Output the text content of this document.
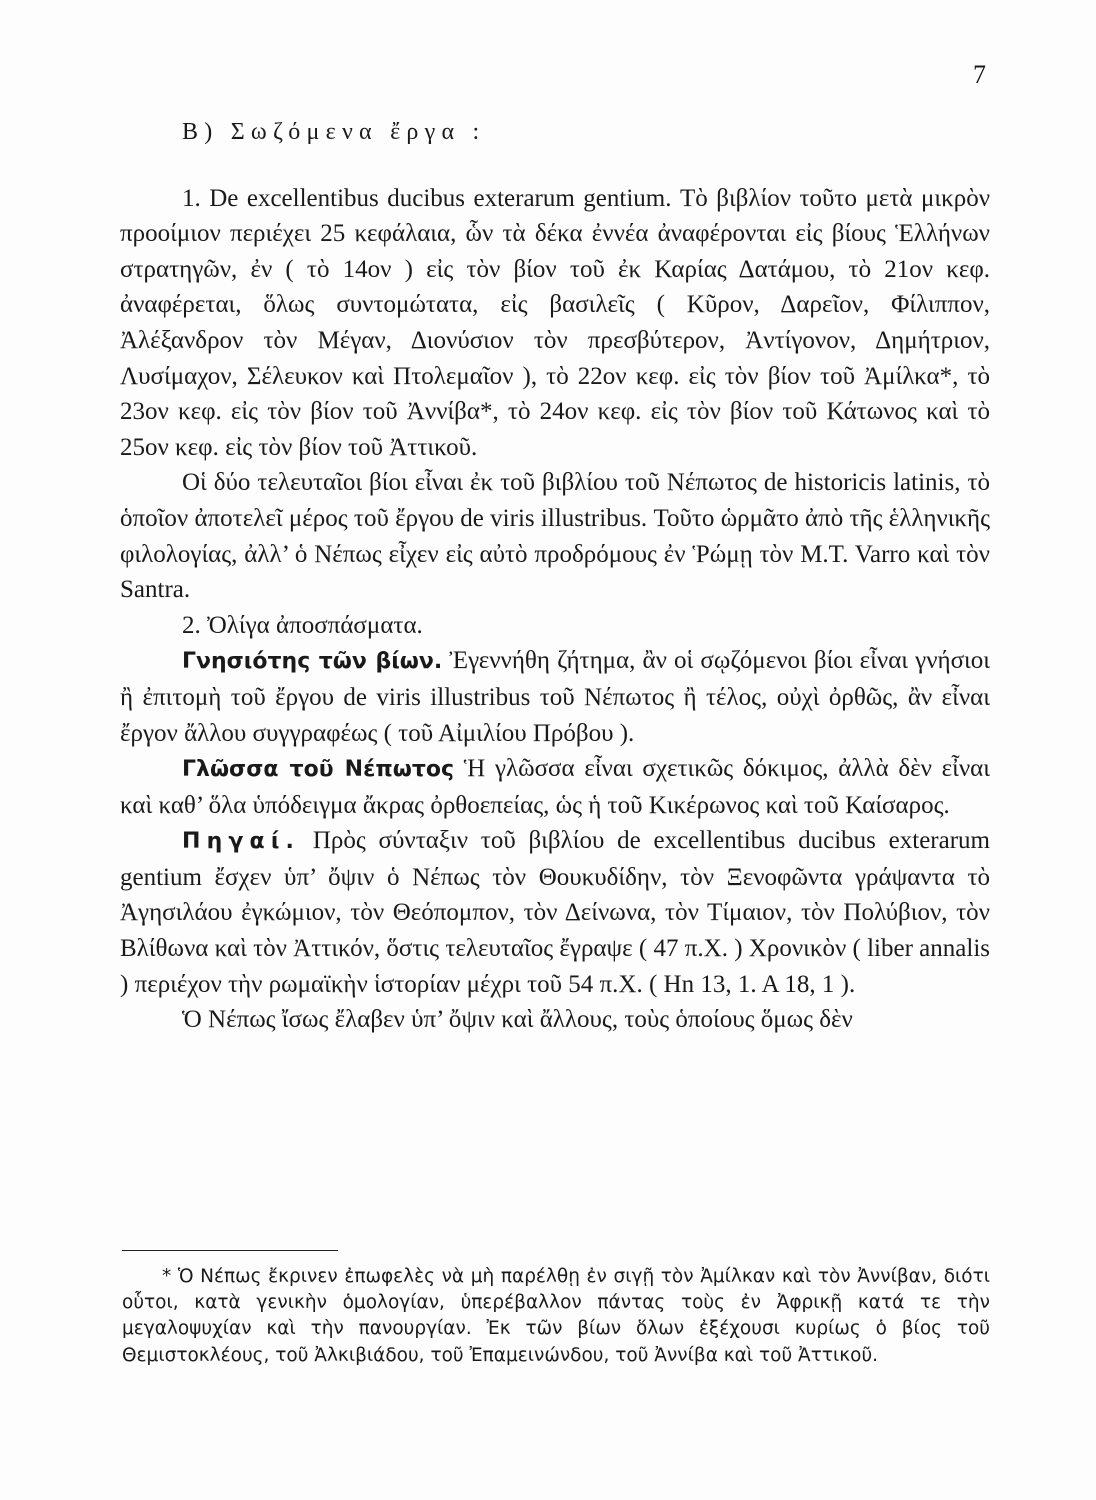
7

Β) Σωζόμενα ἔργα :

1. De excellentibus ducibus exterarum gentium. Τὸ βιβλίον τοῦτο μετὰ μικρὸν προοίμιον περιέχει 25 κεφάλαια, ὧν τὰ δέκα ἐννέα ἀναφέρονται εἰς βίους Ἑλλήνων στρατηγῶν, ἐν ( τὸ 14ον ) εἰς τὸν βίον τοῦ ἐκ Καρίας Δατάμου, τὸ 21ον κεφ. ἀναφέρεται, ὅλως συντομώτατα, εἰς βασιλεῖς ( Κῦρον, Δαρεῖον, Φίλιππον, Ἀλέξανδρον τὸν Μέγαν, Διονύσιον τὸν πρεσβύτερον, Ἀντίγονον, Δημήτριον, Λυσίμαχον, Σέλευκον καὶ Πτολεμαῖον ), τὸ 22ον κεφ. εἰς τὸν βίον τοῦ Ἀμίλκα*, τὸ 23ον κεφ. εἰς τὸν βίον τοῦ Ἀννίβα*, τὸ 24ον κεφ. εἰς τὸν βίον τοῦ Κάτωνος καὶ τὸ 25ον κεφ. εἰς τὸν βίον τοῦ Ἀττικοῦ.

Οἱ δύο τελευταῖοι βίοι εἶναι ἐκ τοῦ βιβλίου τοῦ Νέπωτος de historicis latinis, τὸ ὁποῖον ἀποτελεῖ μέρος τοῦ ἔργου de viris illustribus. Τοῦτο ὡρμᾶτο ἀπὸ τῆς ἑλληνικῆς φιλολογίας, ἀλλ’ ὁ Νέπως εἶχεν εἰς αὐτὸ προδρόμους ἐν Ῥώμῃ τὸν M.T. Varro καὶ τὸν Santra.

2. Ὀλίγα ἀποσπάσματα.

Γνησιότης τῶν βίων. Ἐγεννήθη ζήτημα, ἂν οἱ σῳζόμενοι βίοι εἶναι γνήσιοι ἢ ἐπιτομὴ τοῦ ἔργου de viris illustribus τοῦ Νέπωτος ἢ τέλος, οὐχὶ ὀρθῶς, ἂν εἶναι ἔργον ἄλλου συγγραφέως ( τοῦ Αἰμιλίου Πρόβου ).

Γλῶσσα τοῦ Νέπωτος Ἡ γλῶσσα εἶναι σχετικῶς δόκιμος, ἀλλὰ δὲν εἶναι καὶ καθ’ ὅλα ὑπόδειγμα ἄκρας ὀρθοεπείας, ὡς ἡ τοῦ Κικέρωνος καὶ τοῦ Καίσαρος.

Πηγαί. Πρὸς σύνταξιν τοῦ βιβλίου de excellentibus ducibus exterarum gentium ἔσχεν ὑπ’ ὄψιν ὁ Νέπως τὸν Θουκυδίδην, τὸν Ξενοφῶντα γράψαντα τὸ Ἀγησιλάου ἐγκώμιον, τὸν Θεόπομπον, τὸν Δείνωνα, τὸν Τίμαιον, τὸν Πολύβιον, τὸν Βλίθωνα καὶ τὸν Ἀττικόν, ὅστις τελευταῖος ἔγραψε ( 47 π.Χ. ) Χρονικὸν ( liber annalis ) περιέχον τὴν ρωμαϊκὴν ἱστορίαν μέχρι τοῦ 54 π.Χ. ( Hn 13, 1. A 18, 1 ).

Ὁ Νέπως ἴσως ἔλαβεν ὑπ’ ὄψιν καὶ ἄλλους, τοὺς ὁποίους ὅμως δὲν

* Ὁ Νέπως ἔκρινεν ἐπωφελὲς νὰ μὴ παρέλθῃ ἐν σιγῇ τὸν Ἀμίλκαν καὶ τὸν Ἀννίβαν, διότι οὗτοι, κατὰ γενικὴν ὁμολογίαν, ὑπερέβαλλον πάντας τοὺς ἐν Ἀφρικῇ κατά τε τὴν μεγαλοψυχίαν καὶ τὴν πανουργίαν. Ἐκ τῶν βίων ὅλων ἐξέχουσι κυρίως ὁ βίος τοῦ Θεμιστοκλέους, τοῦ Ἀλκιβιάδου, τοῦ Ἐπαμεινώνδου, τοῦ Ἀννίβα καὶ τοῦ Ἀττικοῦ.
